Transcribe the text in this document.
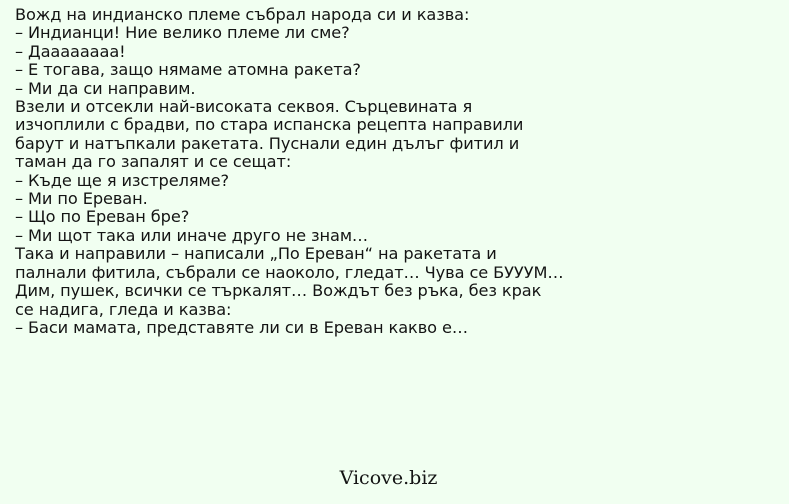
Вожд на индианско племе събрал народа си и казва:
– Индианци! Ние велико племе ли сме?
– Даааааааа!
– Е тогава, защо нямаме атомна ракета?
– Ми да си направим.
Взели и отсекли най-високата секвоя. Сърцевината я
изчоплили с брадви, по стара испанска рецепта направили
барут и натъпкали ракетата. Пуснали един дълъг фитил и
таман да го запалят и се сещат:
– Къде ще я изстреляме?
– Ми по Ереван.
– Що по Ереван бре?
– Ми щот така или иначе друго не знам…
Така и направили – написали „По Ереван“ на ракетата и
палнали фитила, събрали се наоколо, гледат… Чува се БУУУМ…
Дим, пушек, всички се търкалят… Вождът без ръка, без крак
се надига, гледа и казва:
– Баси мамата, представяте ли си в Ереван какво е…
Vicove.biz
